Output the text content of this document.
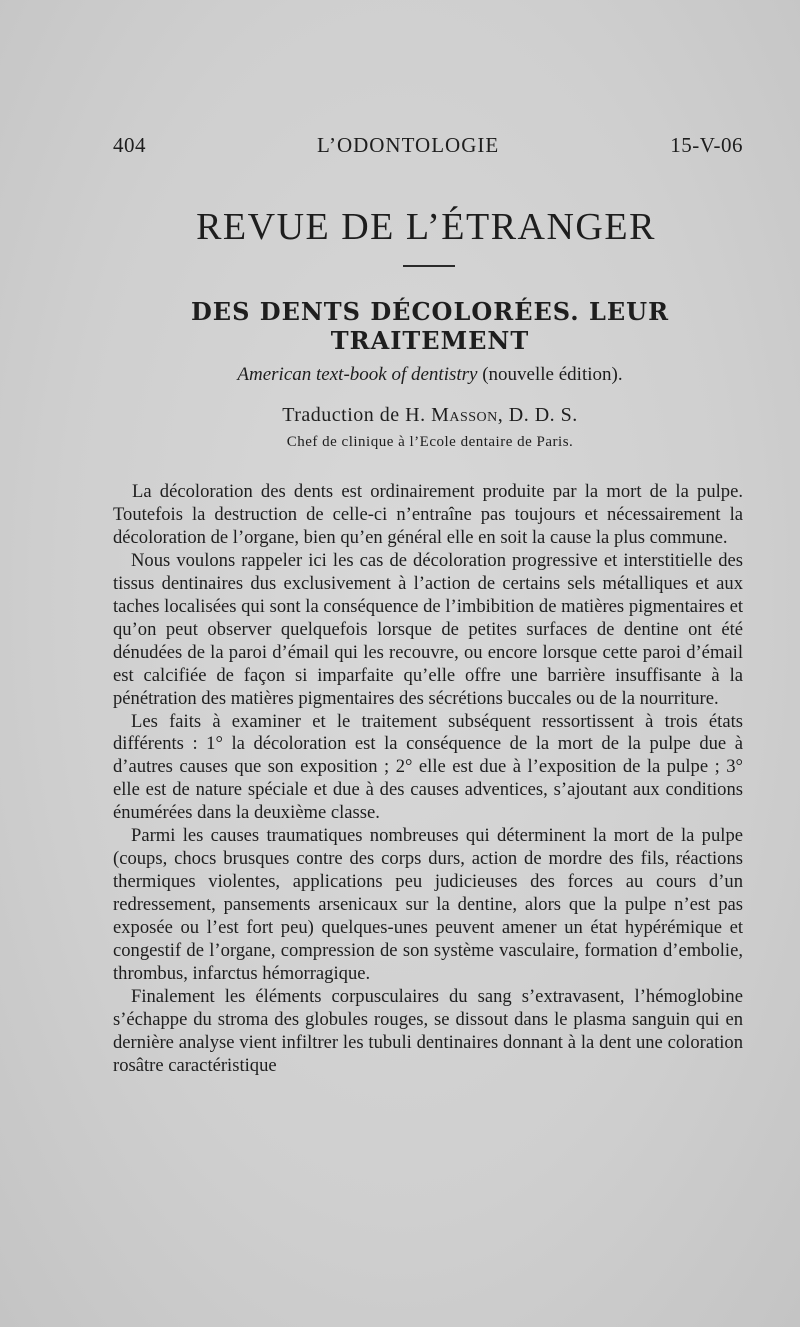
404	L’ODONTOLOGIE	15-V-06
REVUE DE L’ÉTRANGER
DES DENTS DÉCOLORÉES. LEUR
TRAITEMENT
American text-book of dentistry (nouvelle édition).
Traduction de H. Masson, D. D. S.
Chef de clinique à l’Ecole dentaire de Paris.

La décoloration des dents est ordinairement produite par la mort de la pulpe. Toutefois la destruction de celle-ci n’entraîne pas toujours et nécessairement la décoloration de l’organe, bien qu’en général elle en soit la cause la plus commune.

Nous voulons rappeler ici les cas de décoloration progressive et interstitielle des tissus dentinaires dus exclusivement à l’action de certains sels métalliques et aux taches localisées qui sont la conséquence de l’imbibition de matières pigmentaires et qu’on peut observer quelquefois lorsque de petites surfaces de dentine ont été dénudées de la paroi d’émail qui les recouvre, ou encore lorsque cette paroi d’émail est calcifiée de façon si imparfaite qu’elle offre une barrière insuffisante à la pénétration des matières pigmentaires des sécrétions buccales ou de la nourriture.

Les faits à examiner et le traitement subséquent ressortissent à trois états différents : 1° la décoloration est la conséquence de la mort de la pulpe due à d’autres causes que son exposition ; 2° elle est due à l’exposition de la pulpe ; 3° elle est de nature spéciale et due à des causes adventices, s’ajoutant aux conditions énumérées dans la deuxième classe.

Parmi les causes traumatiques nombreuses qui déterminent la mort de la pulpe (coups, chocs brusques contre des corps durs, action de mordre des fils, réactions thermiques violentes, applications peu judicieuses des forces au cours d’un redressement, pansements arsenicaux sur la dentine, alors que la pulpe n’est pas exposée ou l’est fort peu) quelques-unes peuvent amener un état hypérémique et congestif de l’organe, compression de son système vasculaire, formation d’embolie, thrombus, infarctus hémorragique.

Finalement les éléments corpusculaires du sang s’extravasent, l’hémoglobine s’échappe du stroma des globules rouges, se dissout dans le plasma sanguin qui en dernière analyse vient infiltrer les tubuli dentinaires donnant à la dent une coloration rosâtre caractéristique
